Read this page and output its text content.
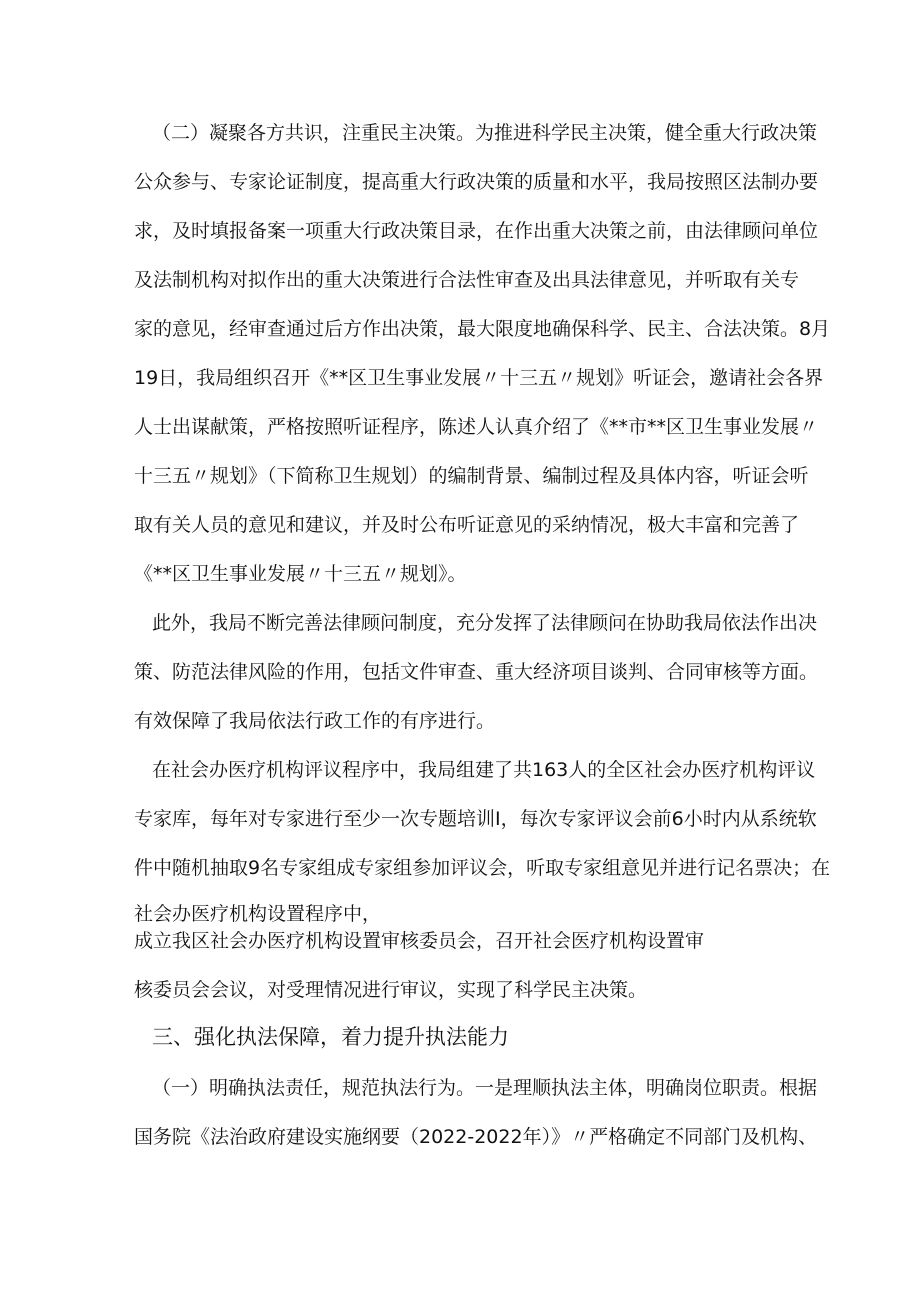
（二）凝聚各方共识，注重民主决策。为推进科学民主决策，健全重大行政决策
公众参与、专家论证制度，提高重大行政决策的质量和水平，我局按照区法制办要
求，及时填报备案一项重大行政决策目录，在作出重大决策之前，由法律顾问单位
及法制机构对拟作出的重大决策进行合法性审查及出具法律意见，并听取有关专
家的意见，经审查通过后方作出决策，最大限度地确保科学、民主、合法决策。8月
19日，我局组织召开《**区卫生事业发展〃十三五〃规划》听证会，邀请社会各界
人士出谋献策，严格按照听证程序，陈述人认真介绍了《**市**区卫生事业发展〃
十三五〃规划》（下简称卫生规划）的编制背景、编制过程及具体内容，听证会听
取有关人员的意见和建议，并及时公布听证意见的采纳情况，极大丰富和完善了
《**区卫生事业发展〃十三五〃规划》。
此外，我局不断完善法律顾问制度，充分发挥了法律顾问在协助我局依法作出决
策、防范法律风险的作用，包括文件审查、重大经济项目谈判、合同审核等方面。
有效保障了我局依法行政工作的有序进行。
在社会办医疗机构评议程序中，我局组建了共163人的全区社会办医疗机构评议
专家库，每年对专家进行至少一次专题培训I，每次专家评议会前6小时内从系统软
件中随机抽取9名专家组成专家组参加评议会，听取专家组意见并进行记名票决；在
社会办医疗机构设置程序中，
成立我区社会办医疗机构设置审核委员会，召开社会医疗机构设置审
核委员会会议，对受理情况进行审议，实现了科学民主决策。
三、强化执法保障，着力提升执法能力
（一）明确执法责任，规范执法行为。一是理顺执法主体，明确岗位职责。根据
国务院《法治政府建设实施纲要（2022-2022年）》〃严格确定不同部门及机构、
